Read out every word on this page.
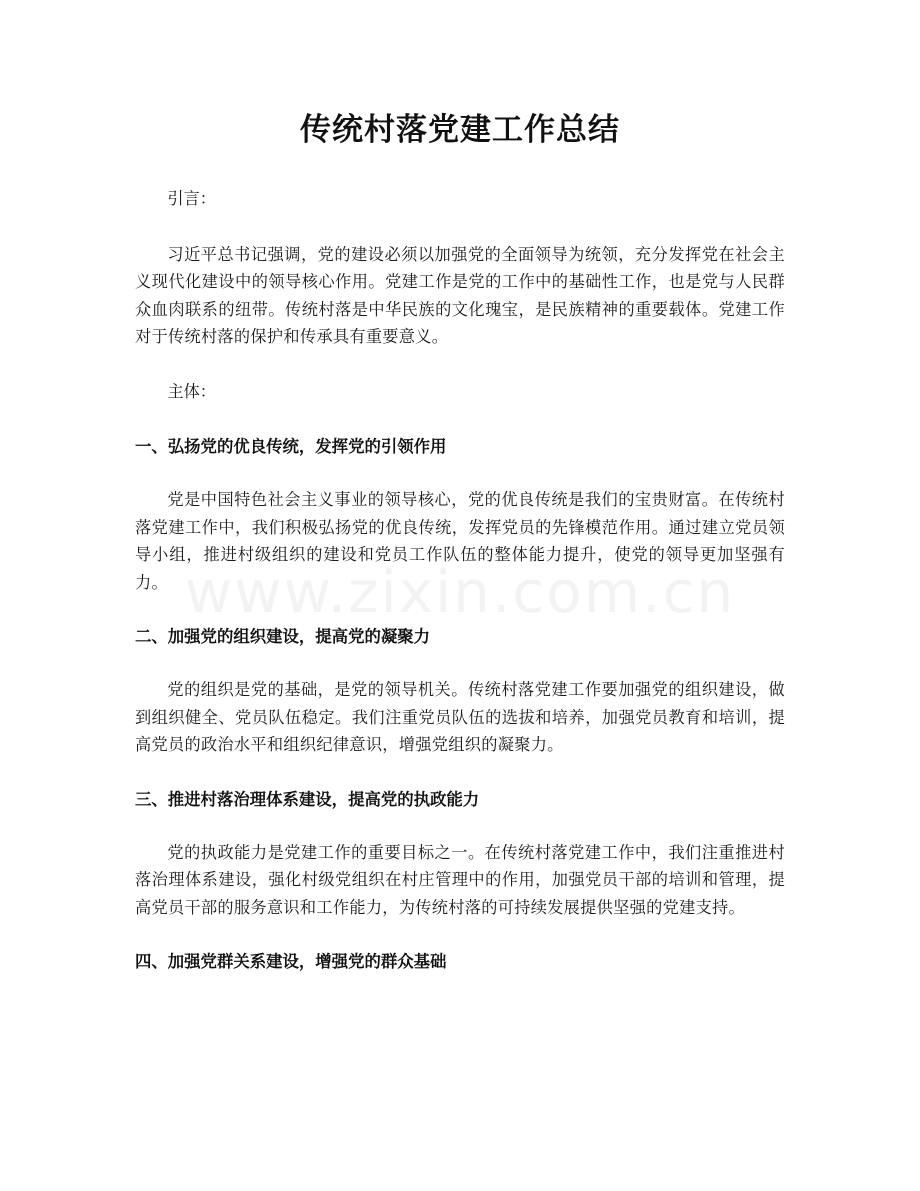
www.zixin.com.cn
传统村落党建工作总结

引言：

习近平总书记强调，党的建设必须以加强党的全面领导为统领，充分发挥党在社会主义现代化建设中的领导核心作用。党建工作是党的工作中的基础性工作，也是党与人民群众血肉联系的纽带。传统村落是中华民族的文化瑰宝，是民族精神的重要载体。党建工作对于传统村落的保护和传承具有重要意义。

主体：

一、弘扬党的优良传统，发挥党的引领作用

党是中国特色社会主义事业的领导核心，党的优良传统是我们的宝贵财富。在传统村落党建工作中，我们积极弘扬党的优良传统，发挥党员的先锋模范作用。通过建立党员领导小组，推进村级组织的建设和党员工作队伍的整体能力提升，使党的领导更加坚强有力。

二、加强党的组织建设，提高党的凝聚力

党的组织是党的基础，是党的领导机关。传统村落党建工作要加强党的组织建设，做到组织健全、党员队伍稳定。我们注重党员队伍的选拔和培养，加强党员教育和培训，提高党员的政治水平和组织纪律意识，增强党组织的凝聚力。

三、推进村落治理体系建设，提高党的执政能力

党的执政能力是党建工作的重要目标之一。在传统村落党建工作中，我们注重推进村落治理体系建设，强化村级党组织在村庄管理中的作用，加强党员干部的培训和管理，提高党员干部的服务意识和工作能力，为传统村落的可持续发展提供坚强的党建支持。

四、加强党群关系建设，增强党的群众基础
